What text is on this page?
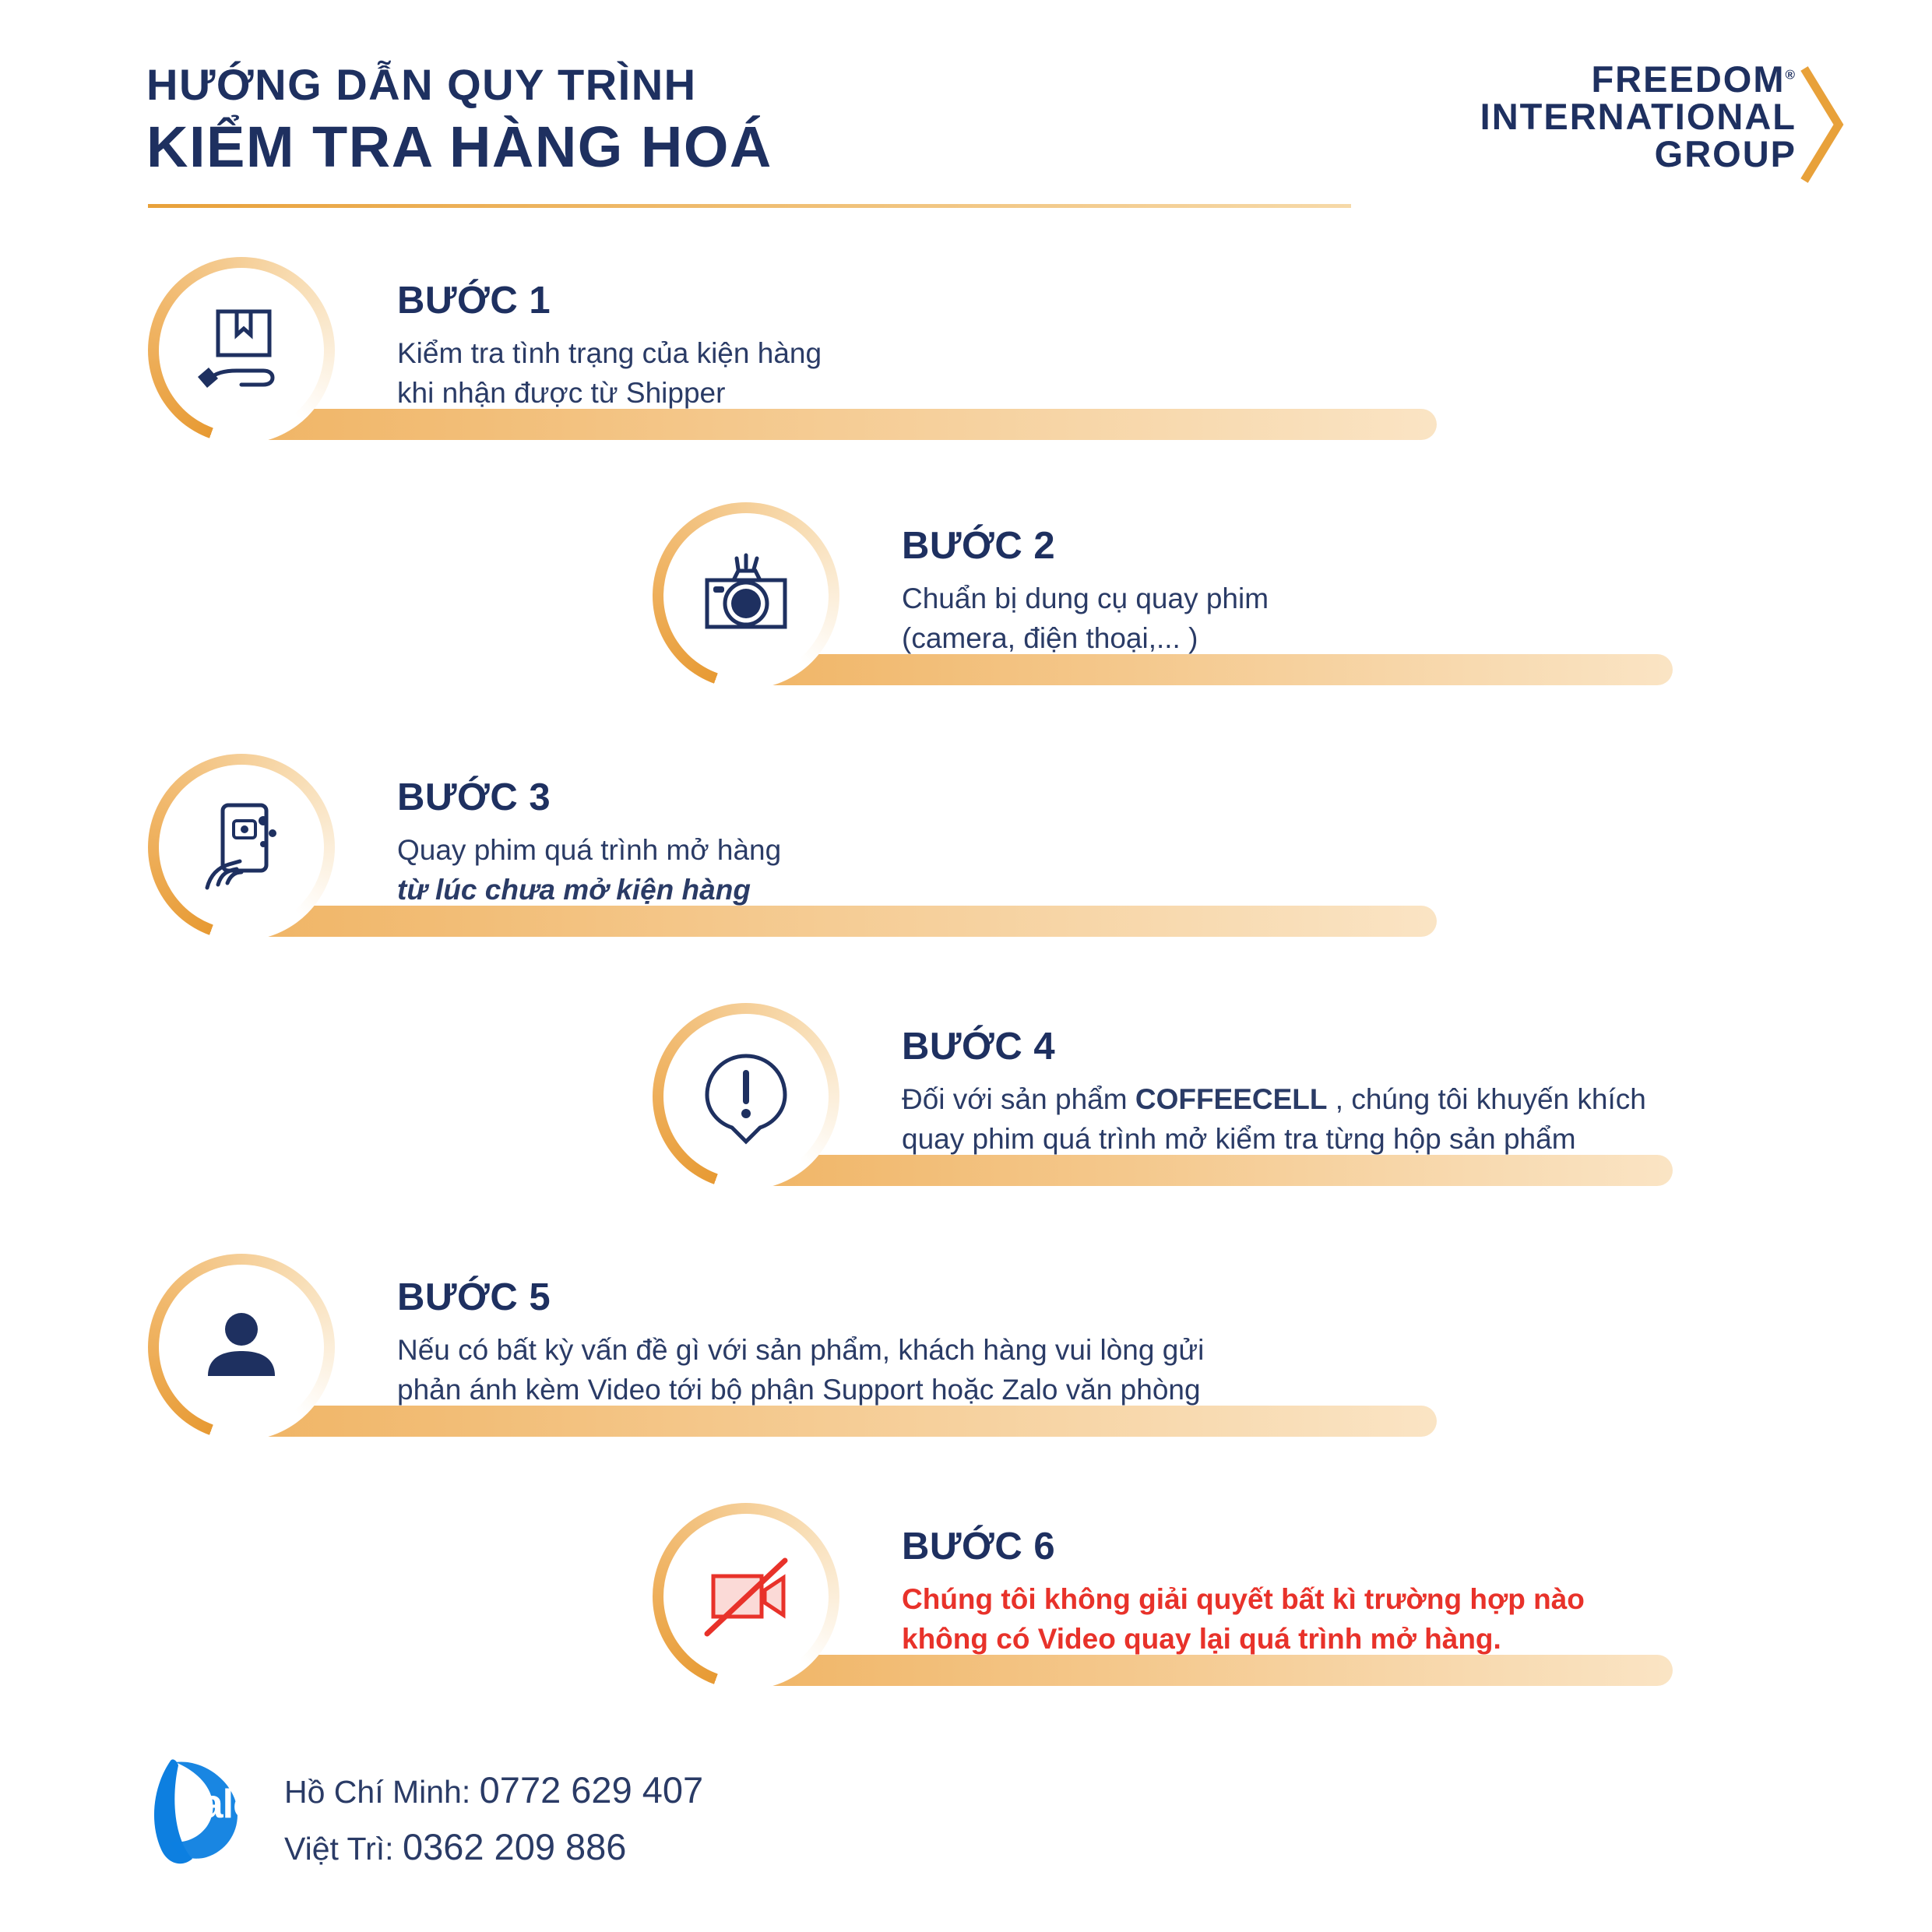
HƯỚNG DẪN QUY TRÌNH
KIỂM TRA HÀNG HOÁ
FREEDOM®
INTERNATIONAL
GROUP
BƯỚC 1
Kiểm tra tình trạng của kiện hàng
khi nhận được từ Shipper
BƯỚC 2
Chuẩn bị dung cụ quay phim
(camera, điện thoại,... )
BƯỚC 3
Quay phim quá trình mở hàng
từ lúc chưa mở kiện hàng
BƯỚC 4
Đối với sản phẩm COFFEECELL , chúng tôi khuyến khích
quay phim quá trình mở kiểm tra từng hộp sản phẩm
BƯỚC 5
Nếu có bất kỳ vấn đề gì với sản phẩm, khách hàng vui lòng gửi
phản ánh kèm Video tới bộ phận Support hoặc Zalo văn phòng
BƯỚC 6
Chúng tôi không giải quyết bất kì trường hợp nào
không có Video quay lại quá trình mở hàng.
Zalo Hồ Chí Minh: 0772 629 407
Việt Trì: 0362 209 886
